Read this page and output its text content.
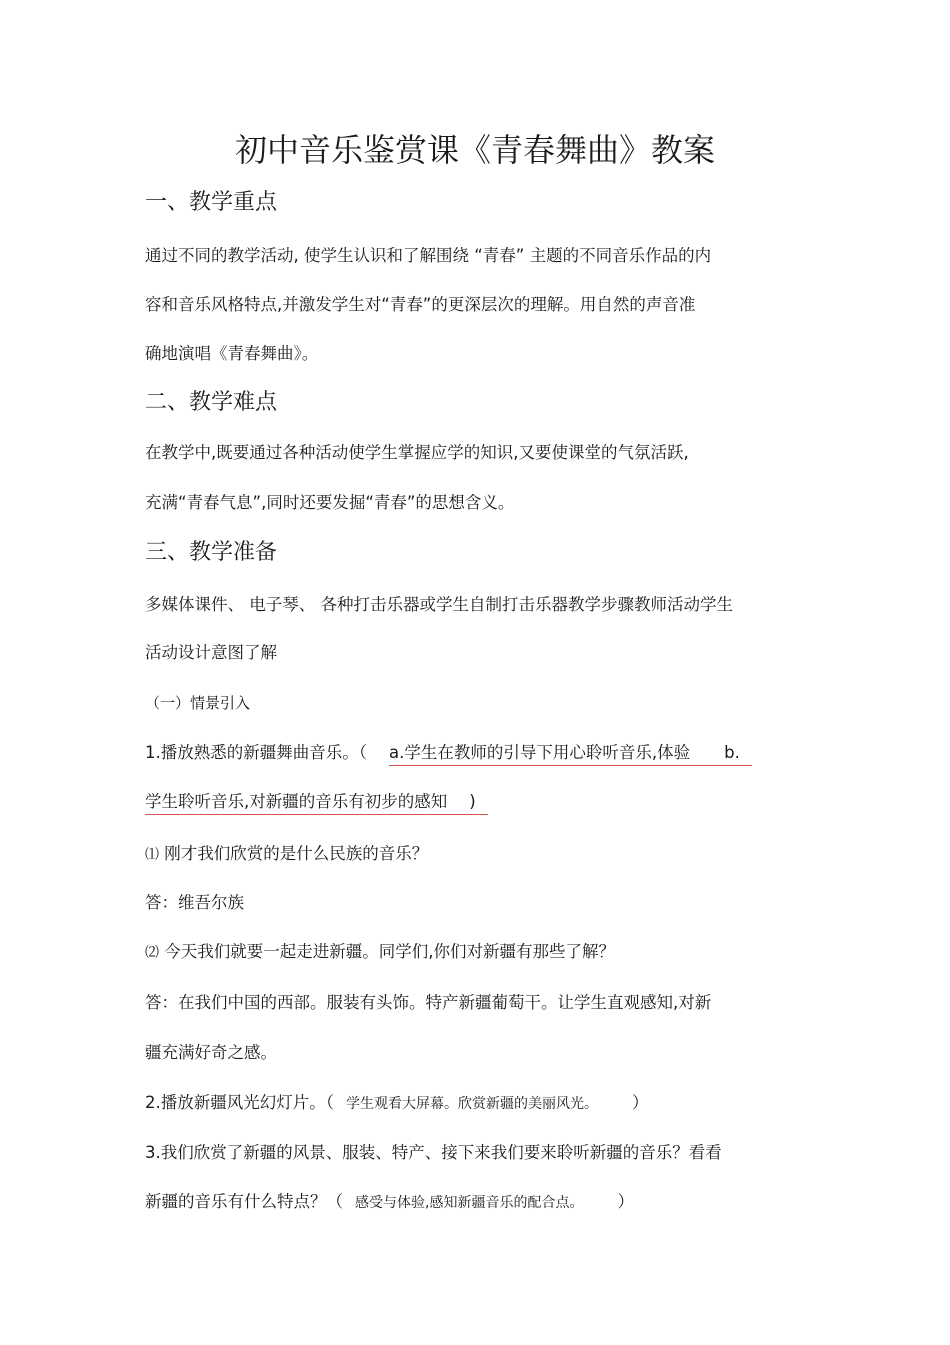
初中音乐鉴赏课《青春舞曲》教案
一、教学重点
通过不同的教学活动, 使学生认识和了解围绕 “青春” 主题的不同音乐作品的内
容和音乐风格特点,并激发学生对“青春”的更深层次的理解。用自然的声音准
确地演唱《青春舞曲》。
二、教学难点
在教学中,既要通过各种活动使学生掌握应学的知识,又要使课堂的气氛活跃,
充满“青春气息”,同时还要发掘“青春”的思想含义。
三、教学准备
多媒体课件、 电子琴、 各种打击乐器或学生自制打击乐器教学步骤教师活动学生
活动设计意图了解
（一）情景引入
1.播放熟悉的新疆舞曲音乐。（ a.学生在教师的引导下用心聆听音乐,体验 b.
学生聆听音乐,对新疆的音乐有初步的感知 )
⑴ 刚才我们欣赏的是什么民族的音乐？
答：维吾尔族
⑵ 今天我们就要一起走进新疆。同学们,你们对新疆有那些了解？
答：在我们中国的西部。服装有头饰。特产新疆葡萄干。让学生直观感知,对新
疆充满好奇之感。
2.播放新疆风光幻灯片。（ 学生观看大屏幕。欣赏新疆的美丽风光。 ）
3.我们欣赏了新疆的风景、服装、特产、接下来我们要来聆听新疆的音乐？看看
新疆的音乐有什么特点？（ 感受与体验,感知新疆音乐的配合点。 ）
